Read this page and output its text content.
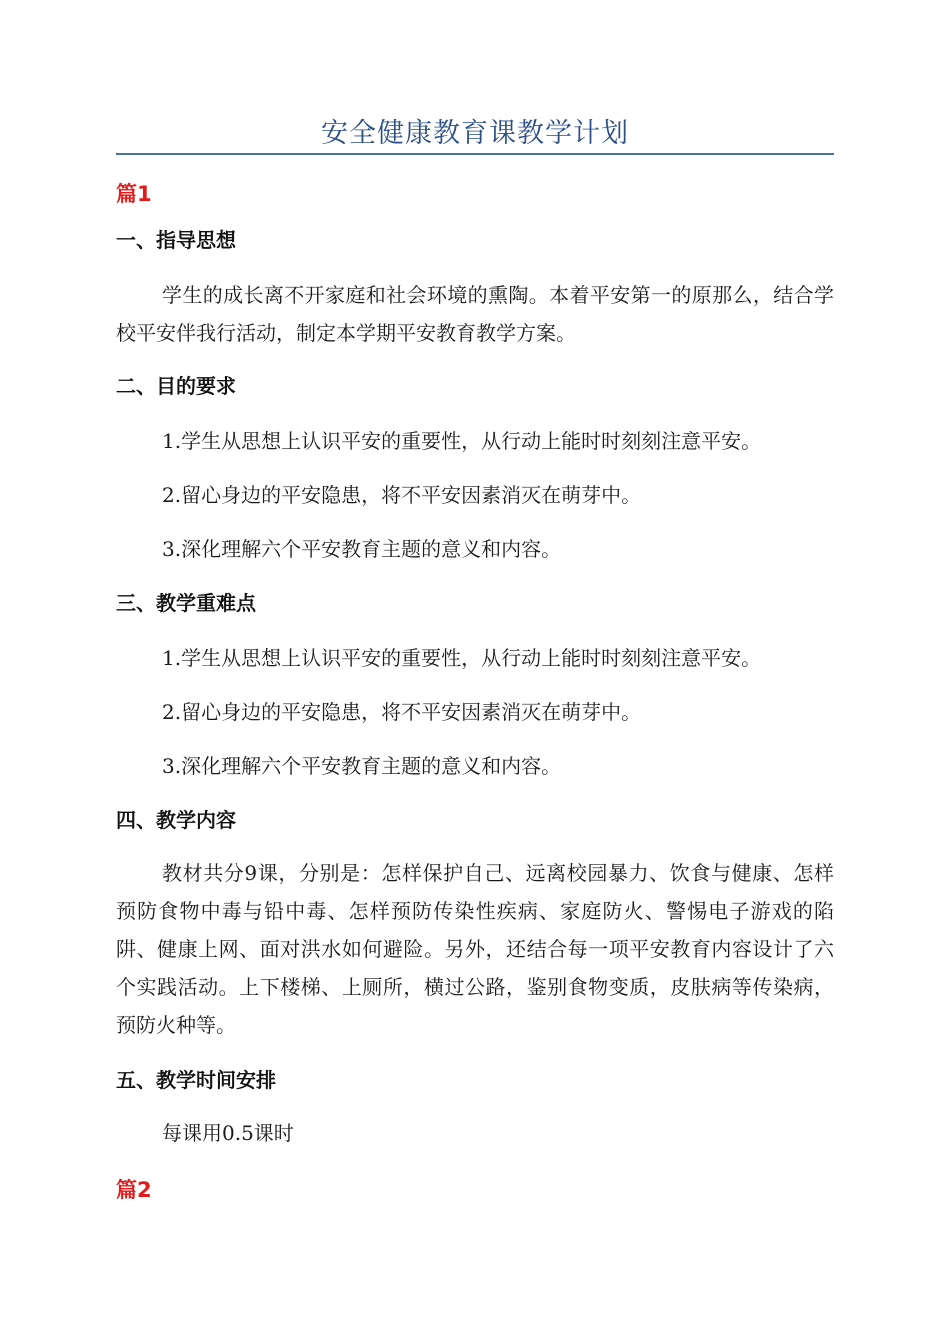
安全健康教育课教学计划

篇1

一、指导思想

学生的成长离不开家庭和社会环境的熏陶。本着平安第一的原那么，结合学校平安伴我行活动，制定本学期平安教育教学方案。

二、目的要求

1.学生从思想上认识平安的重要性，从行动上能时时刻刻注意平安。

2.留心身边的平安隐患，将不平安因素消灭在萌芽中。

3.深化理解六个平安教育主题的意义和内容。

三、教学重难点

1.学生从思想上认识平安的重要性，从行动上能时时刻刻注意平安。

2.留心身边的平安隐患，将不平安因素消灭在萌芽中。

3.深化理解六个平安教育主题的意义和内容。

四、教学内容

教材共分9课，分别是：怎样保护自己、远离校园暴力、饮食与健康、怎样预防食物中毒与铅中毒、怎样预防传染性疾病、家庭防火、警惕电子游戏的陷阱、健康上网、面对洪水如何避险。另外，还结合每一项平安教育内容设计了六个实践活动。上下楼梯、上厕所，横过公路，鉴别食物变质，皮肤病等传染病，预防火种等。

五、教学时间安排

每课用0.5课时

篇2
